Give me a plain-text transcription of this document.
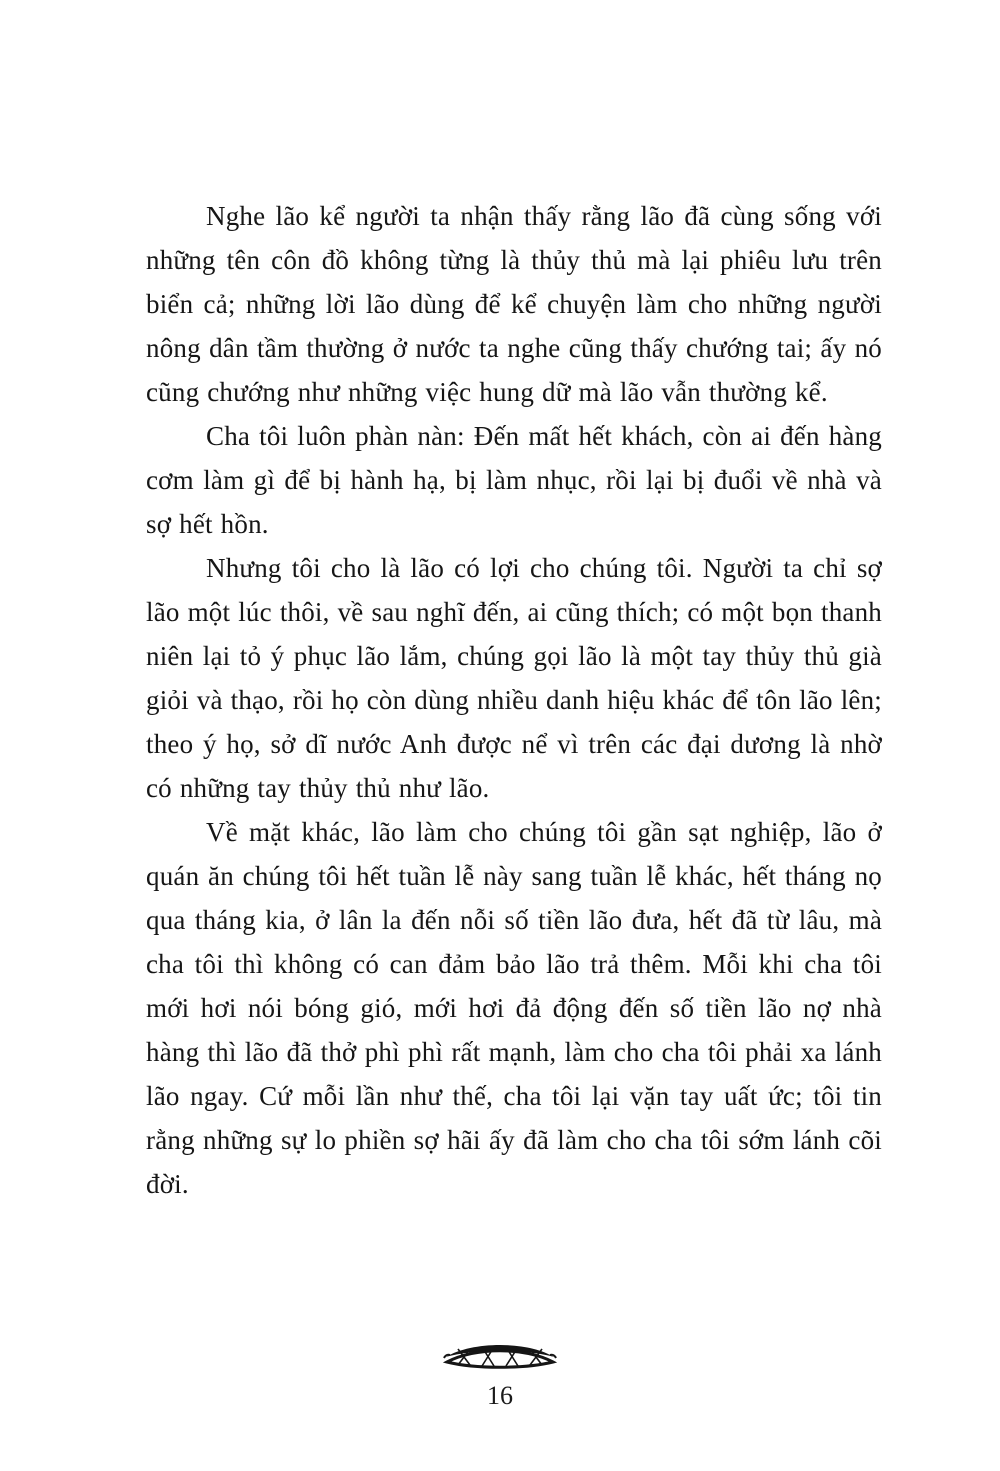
Nghe lão kể người ta nhận thấy rằng lão đã cùng sống với những tên côn đồ không từng là thủy thủ mà lại phiêu lưu trên biển cả; những lời lão dùng để kể chuyện làm cho những người nông dân tầm thường ở nước ta nghe cũng thấy chướng tai; ấy nó cũng chướng như những việc hung dữ mà lão vẫn thường kể.

Cha tôi luôn phàn nàn: Đến mất hết khách, còn ai đến hàng cơm làm gì để bị hành hạ, bị làm nhục, rồi lại bị đuổi về nhà và sợ hết hồn.

Nhưng tôi cho là lão có lợi cho chúng tôi. Người ta chỉ sợ lão một lúc thôi, về sau nghĩ đến, ai cũng thích; có một bọn thanh niên lại tỏ ý phục lão lắm, chúng gọi lão là một tay thủy thủ già giỏi và thạo, rồi họ còn dùng nhiều danh hiệu khác để tôn lão lên; theo ý họ, sở dĩ nước Anh được nể vì trên các đại dương là nhờ có những tay thủy thủ như lão.

Về mặt khác, lão làm cho chúng tôi gần sạt nghiệp, lão ở quán ăn chúng tôi hết tuần lễ này sang tuần lễ khác, hết tháng nọ qua tháng kia, ở lân la đến nỗi số tiền lão đưa, hết đã từ lâu, mà cha tôi thì không có can đảm bảo lão trả thêm. Mỗi khi cha tôi mới hơi nói bóng gió, mới hơi đả động đến số tiền lão nợ nhà hàng thì lão đã thở phì phì rất mạnh, làm cho cha tôi phải xa lánh lão ngay. Cứ mỗi lần như thế, cha tôi lại vặn tay uất ức; tôi tin rằng những sự lo phiền sợ hãi ấy đã làm cho cha tôi sớm lánh cõi đời.

16
